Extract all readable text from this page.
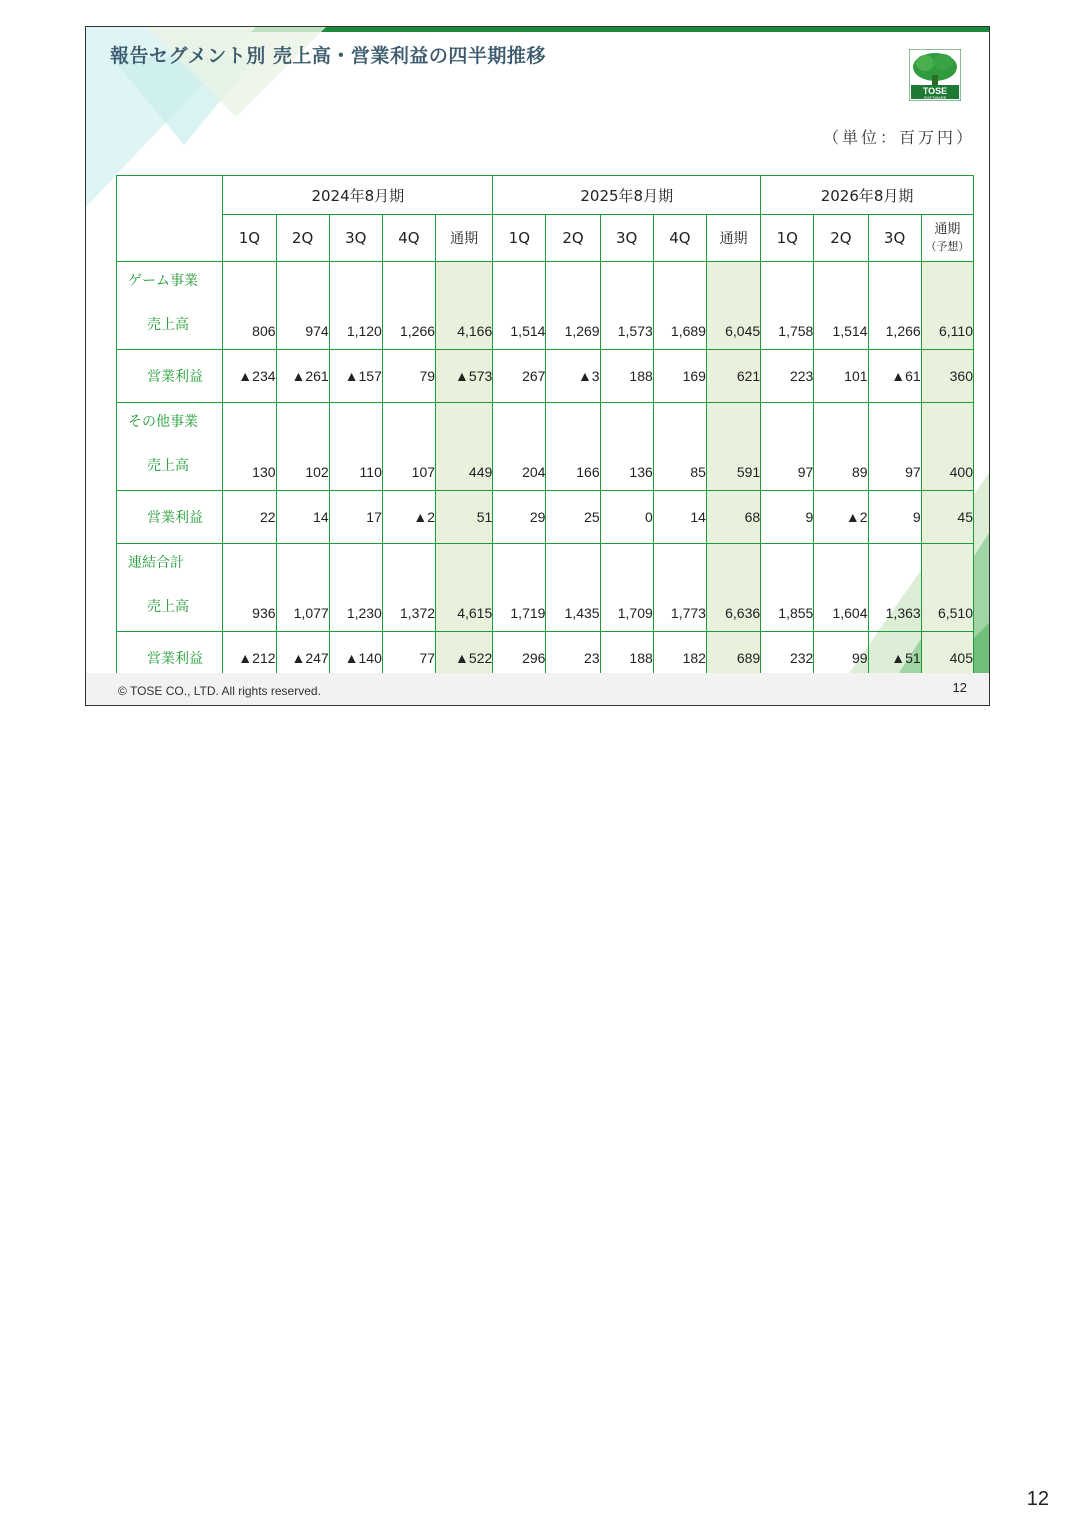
報告セグメント別 売上高・営業利益の四半期推移
TOSE
SOFTWARE
（単位：百万円）
	2024年8月期					2025年8月期					2026年8月期			
	1Q	2Q	3Q	4Q	通期	1Q	2Q	3Q	4Q	通期	1Q	2Q	3Q	通期
（予想）

ゲーム事業
売上高	806	974	1,120	1,266	4,166	1,514	1,269	1,573	1,689	6,045	1,758	1,514	1,266	6,110

営業利益	▲234	▲261	▲157	79	▲573	267	▲3	188	169	621	223	101	▲61	360

その他事業
売上高	130	102	110	107	449	204	166	136	85	591	97	89	97	400

営業利益	22	14	17	▲2	51	29	25	0	14	68	9	▲2	9	45

連結合計
売上高	936	1,077	1,230	1,372	4,615	1,719	1,435	1,709	1,773	6,636	1,855	1,604	1,363	6,510

営業利益	▲212	▲247	▲140	77	▲522	296	23	188	182	689	232	99	▲51	405
© TOSE CO., LTD. All rights reserved.	12
12
